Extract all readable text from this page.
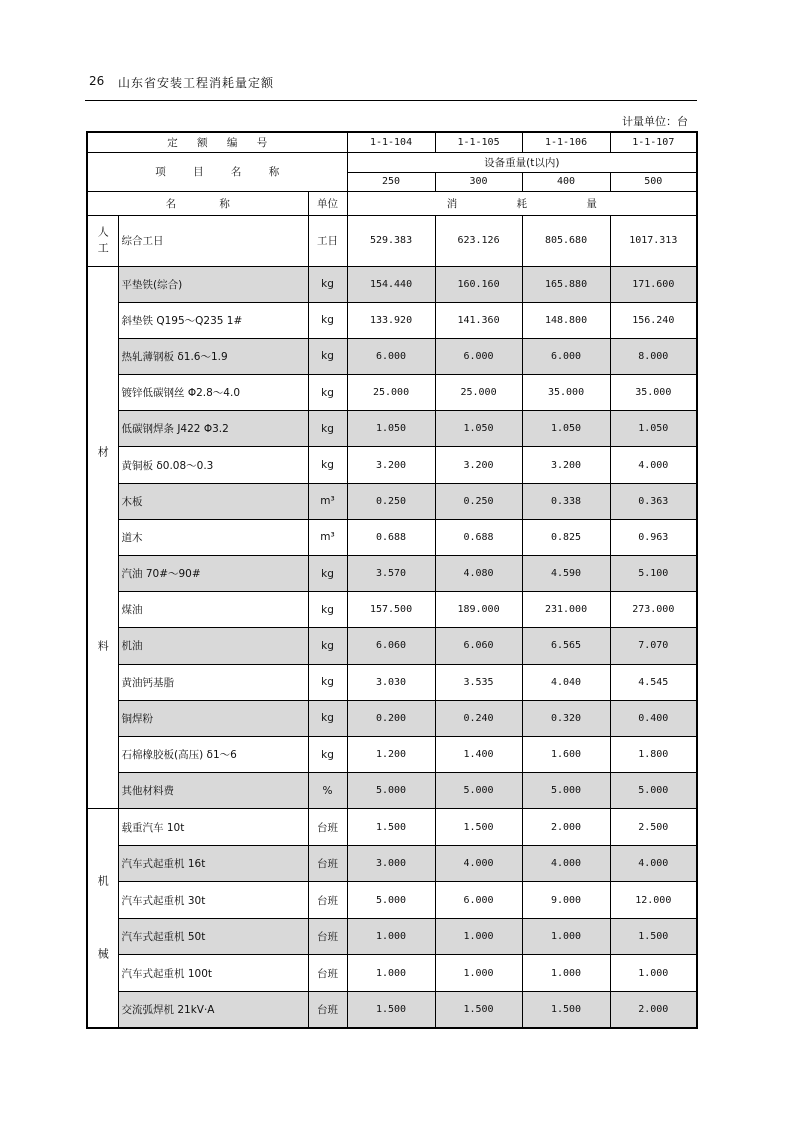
26 山东省安装工程消耗量定额
计量单位：台
定 额 编 号			1-1-104	1-1-105	1-1-106	1-1-107
项 目 名 称			设备重量(t以内)			
			250	300	400	500
名 称		单位	消 耗 量			
人工	综合工日	工日	529.383	623.126	805.680	1017.313
材料	平垫铁(综合)	kg	154.440	160.160	165.880	171.600
	斜垫铁 Q195～Q235 1#	kg	133.920	141.360	148.800	156.240
	热轧薄钢板 δ1.6～1.9	kg	6.000	6.000	6.000	8.000
	镀锌低碳钢丝 Φ2.8～4.0	kg	25.000	25.000	35.000	35.000
	低碳钢焊条 J422 Φ3.2	kg	1.050	1.050	1.050	1.050
	黄铜板 δ0.08～0.3	kg	3.200	3.200	3.200	4.000
	木板	m³	0.250	0.250	0.338	0.363
	道木	m³	0.688	0.688	0.825	0.963
	汽油 70#～90#	kg	3.570	4.080	4.590	5.100
	煤油	kg	157.500	189.000	231.000	273.000
	机油	kg	6.060	6.060	6.565	7.070
	黄油钙基脂	kg	3.030	3.535	4.040	4.545
	铜焊粉	kg	0.200	0.240	0.320	0.400
	石棉橡胶板(高压) δ1～6	kg	1.200	1.400	1.600	1.800
	其他材料费	%	5.000	5.000	5.000	5.000
机械	载重汽车 10t	台班	1.500	1.500	2.000	2.500
	汽车式起重机 16t	台班	3.000	4.000	4.000	4.000
	汽车式起重机 30t	台班	5.000	6.000	9.000	12.000
	汽车式起重机 50t	台班	1.000	1.000	1.000	1.500
	汽车式起重机 100t	台班	1.000	1.000	1.000	1.000
	交流弧焊机 21kV·A	台班	1.500	1.500	1.500	2.000
